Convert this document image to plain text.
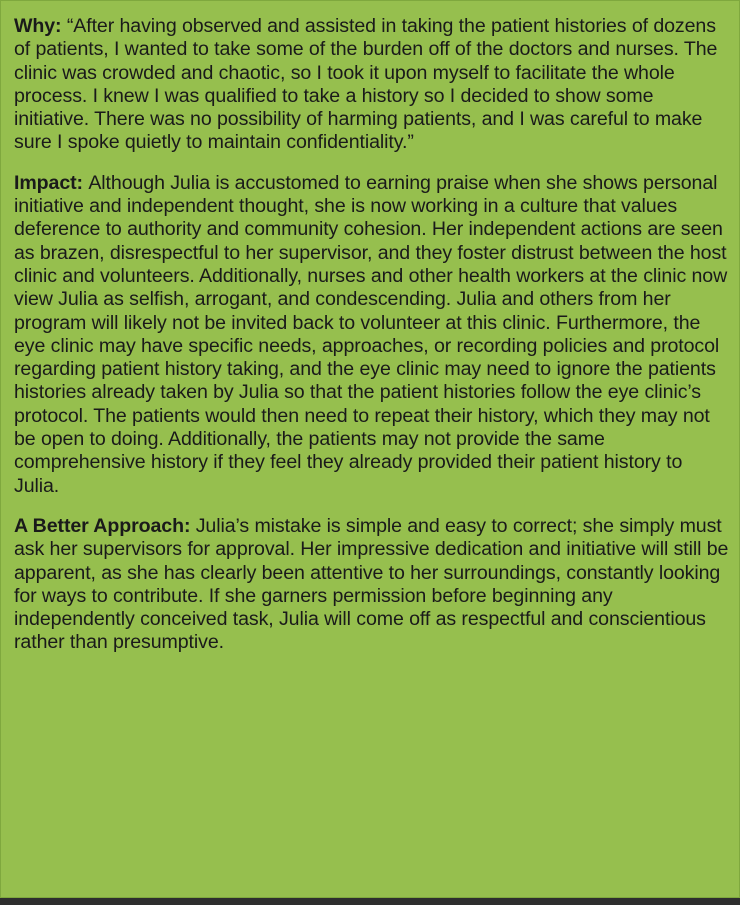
Why: “After having observed and assisted in taking the patient histories of dozens of patients, I wanted to take some of the burden off of the doctors and nurses. The clinic was crowded and chaotic, so I took it upon myself to facilitate the whole process. I knew I was qualified to take a history so I decided to show some initiative. There was no possibility of harming patients, and I was careful to make sure I spoke quietly to maintain confidentiality.”

Impact: Although Julia is accustomed to earning praise when she shows personal initiative and independent thought, she is now working in a culture that values deference to authority and community cohesion. Her independent actions are seen as brazen, disrespectful to her supervisor, and they foster distrust between the host clinic and volunteers. Additionally, nurses and other health workers at the clinic now view Julia as selfish, arrogant, and condescending. Julia and others from her program will likely not be invited back to volunteer at this clinic. Furthermore, the eye clinic may have specific needs, approaches, or recording policies and protocol regarding patient history taking, and the eye clinic may need to ignore the patients histories already taken by Julia so that the patient histories follow the eye clinic’s protocol. The patients would then need to repeat their history, which they may not be open to doing. Additionally, the patients may not provide the same comprehensive history if they feel they already provided their patient history to Julia.

A Better Approach: Julia’s mistake is simple and easy to correct; she simply must ask her supervisors for approval. Her impressive dedication and initiative will still be apparent, as she has clearly been attentive to her surroundings, constantly looking for ways to contribute. If she garners permission before beginning any independently conceived task, Julia will come off as respectful and conscientious rather than presumptive.
